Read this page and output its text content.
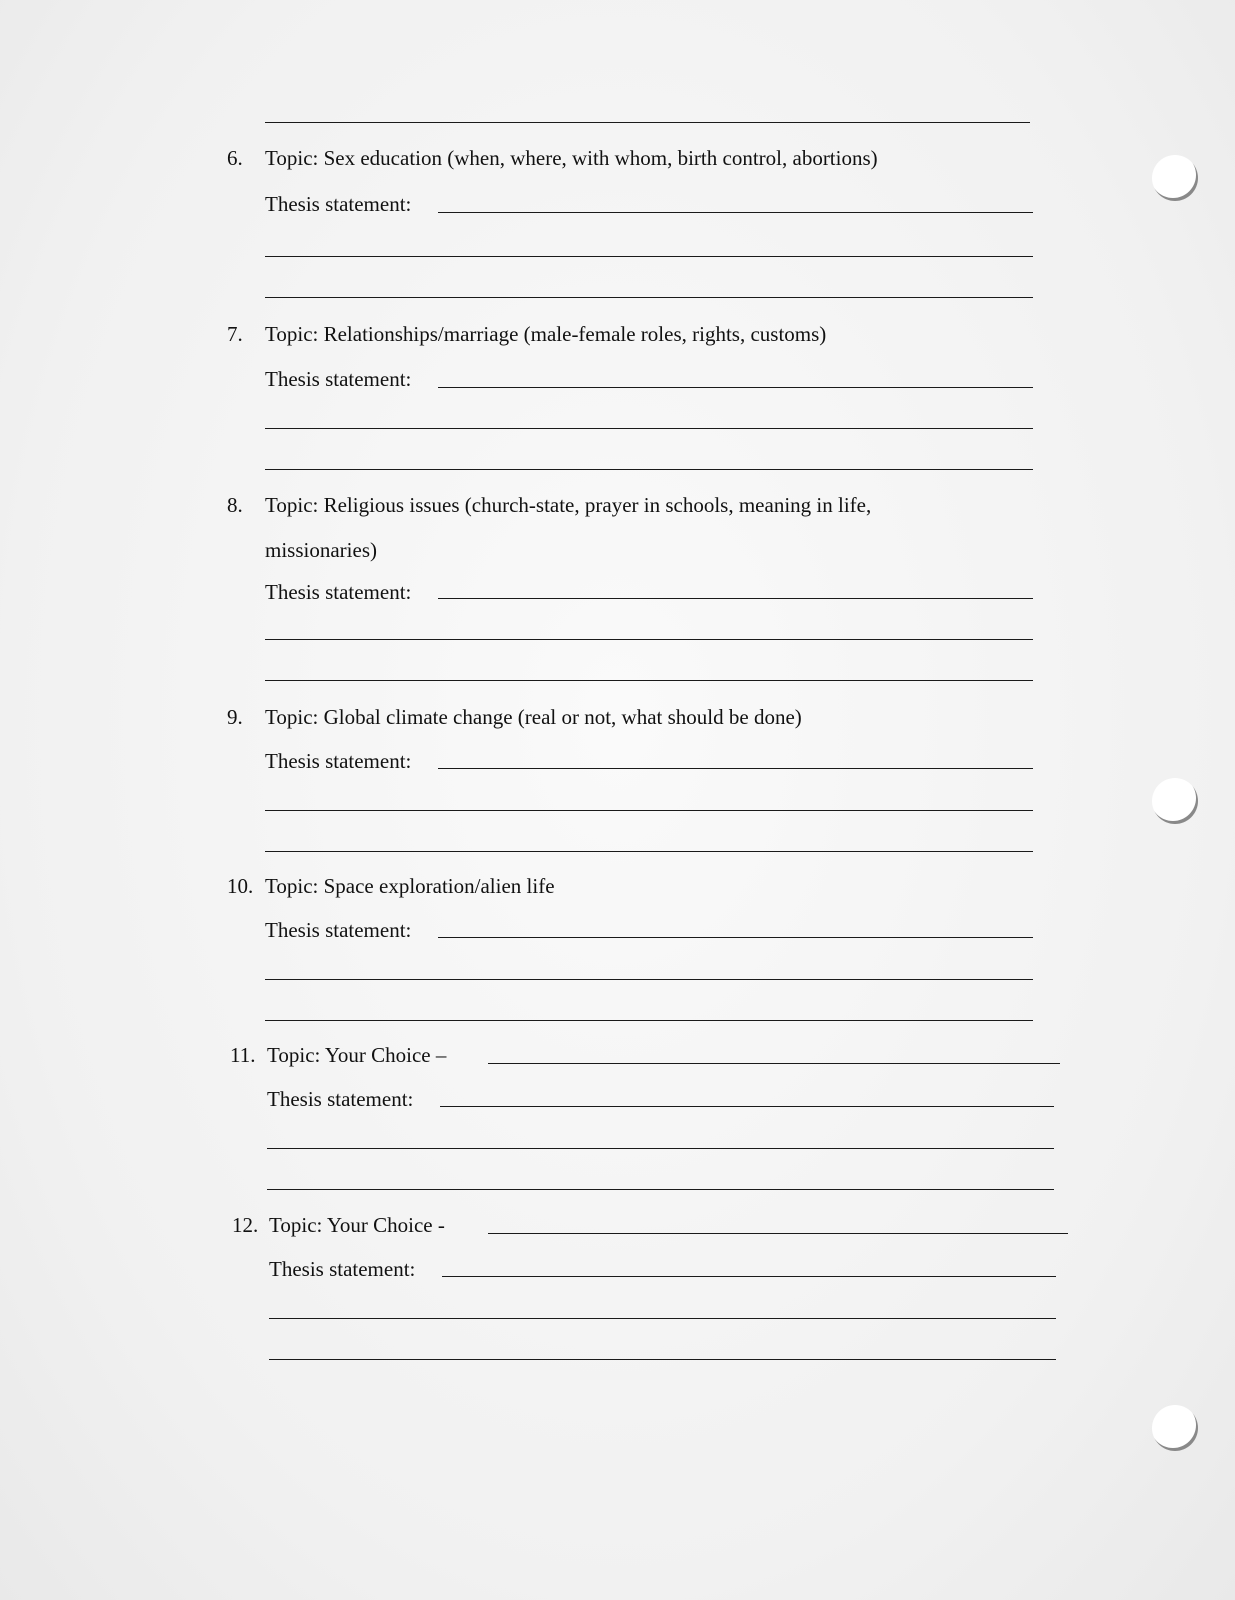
6. Topic: Sex education (when, where, with whom, birth control, abortions)
Thesis statement:
7. Topic: Relationships/marriage (male-female roles, rights, customs)
Thesis statement:
8. Topic: Religious issues (church-state, prayer in schools, meaning in life,
missionaries)
Thesis statement:
9. Topic: Global climate change (real or not, what should be done)
Thesis statement:
10. Topic: Space exploration/alien life
Thesis statement:
11. Topic: Your Choice –
Thesis statement:
12. Topic: Your Choice -
Thesis statement:
